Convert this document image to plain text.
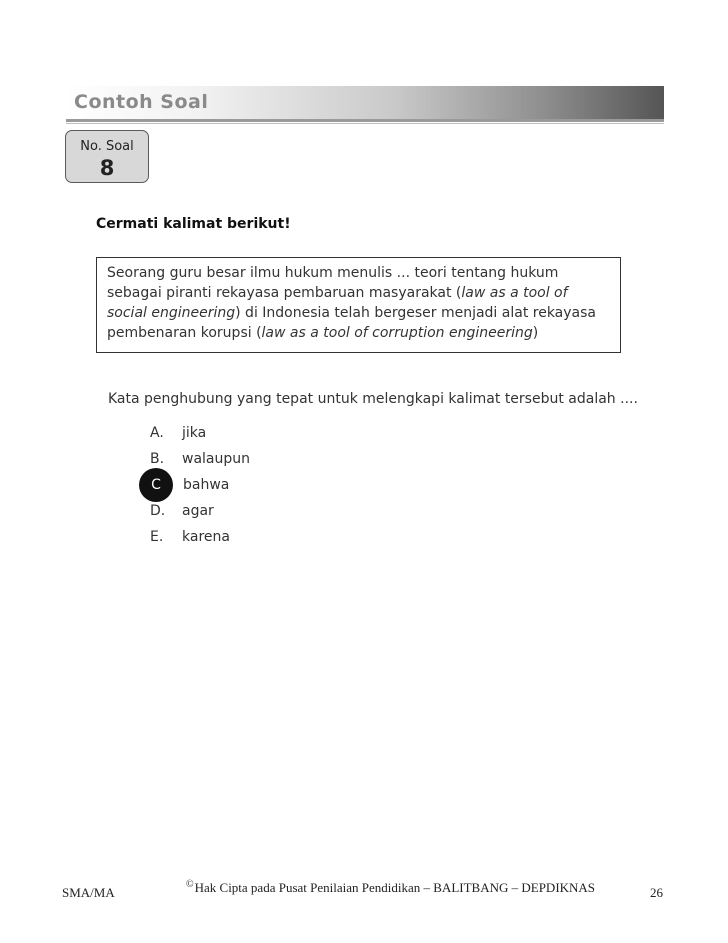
Contoh Soal
No. Soal
8
Cermati kalimat berikut!

Seorang guru besar ilmu hukum menulis ... teori tentang hukum

sebagai piranti rekayasa pembaruan masyarakat (law as a tool of

social engineering) di Indonesia telah bergeser menjadi alat rekayasa

pembenaran korupsi (law as a tool of corruption engineering)

Kata penghubung yang tepat untuk melengkapi kalimat tersebut adalah ....
A.	jika
B.	walaupun
C	bahwa
D.	agar
E.	karena
SMA/MA
©Hak Cipta pada Pusat Penilaian Pendidikan – BALITBANG – DEPDIKNAS	26
